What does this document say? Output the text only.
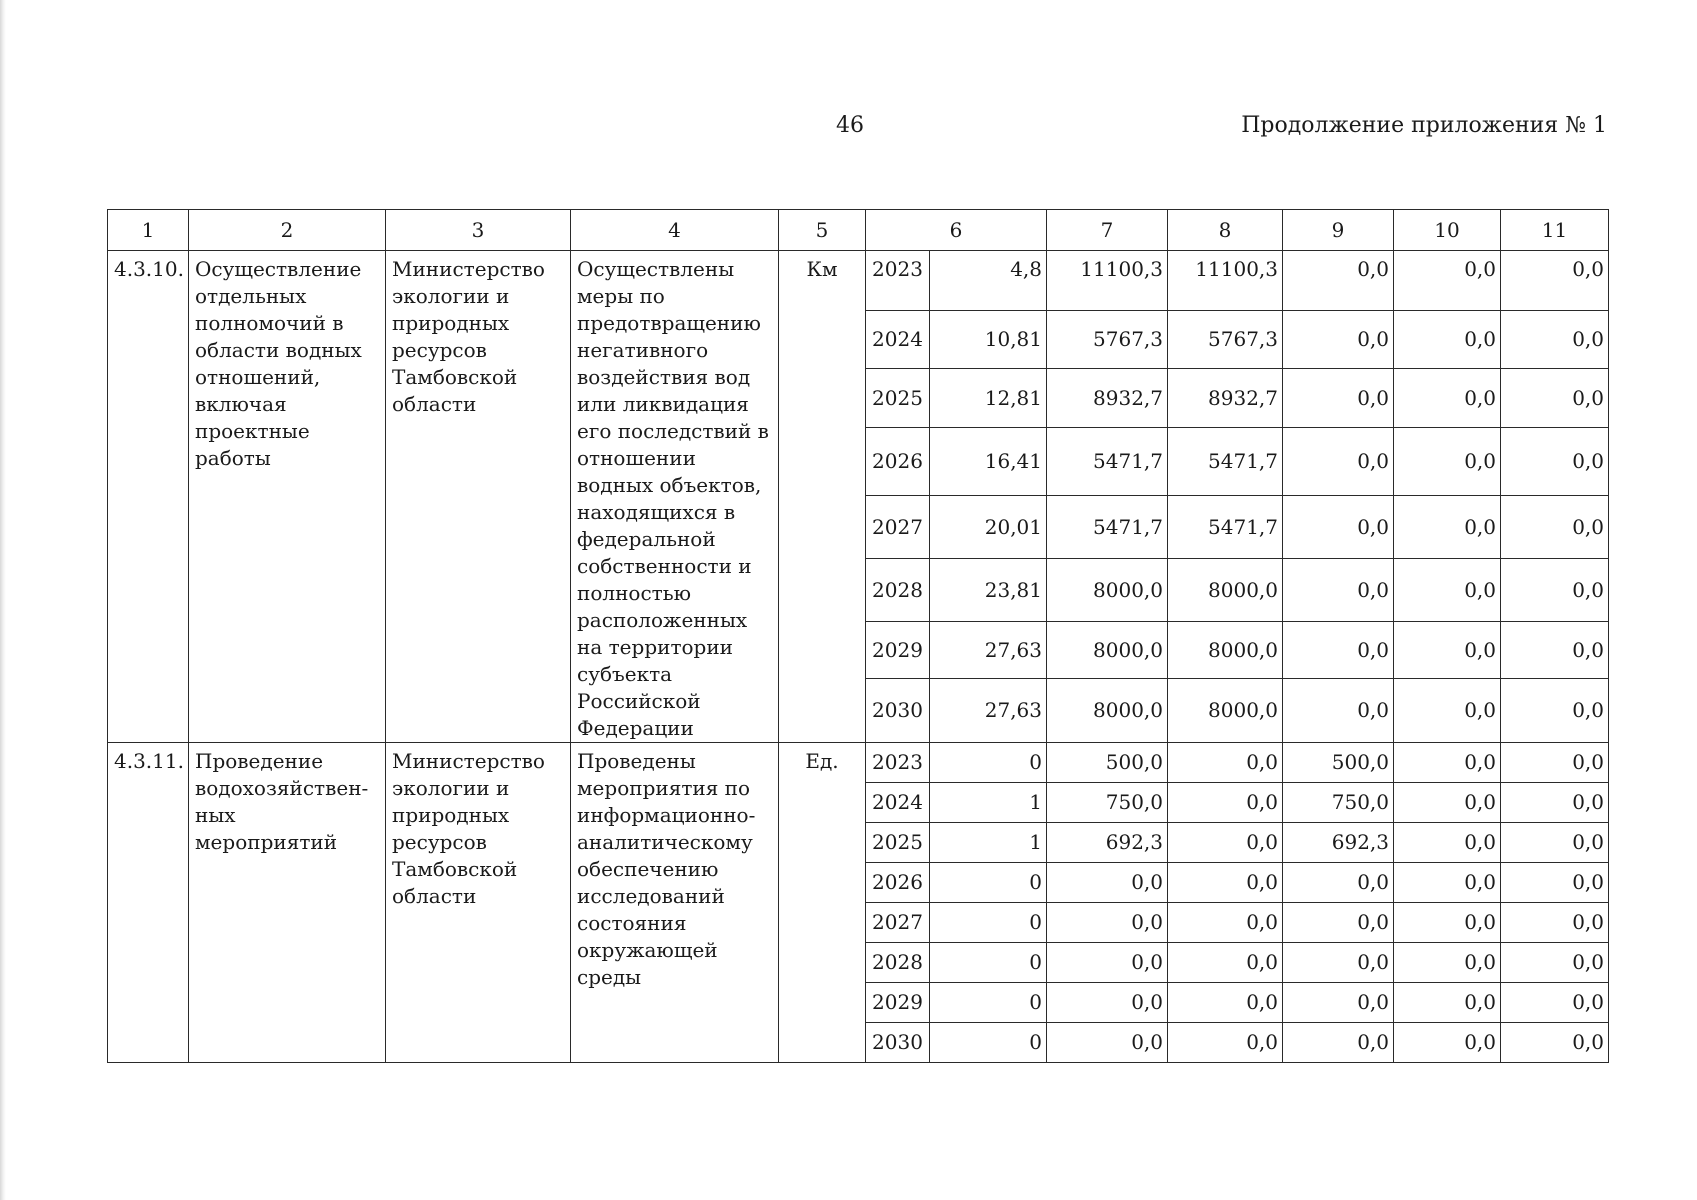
46	Продолжение приложения № 1
1	2	3	4	5	6		7	8	9	10	11
4.3.10.	Осуществление отдельных полномочий в области водных отношений, включая проектные работы	Министерство экологии и природных ресурсов Тамбовской области	Осуществлены меры по предотвращению негативного воздействия вод или ликвидация его последствий в отношении водных объектов, находящихся в федеральной собственности и полностью расположенных на территории субъекта Российской Федерации	Км	2023	4,8	11100,3	11100,3	0,0	0,0	0,0
					2024	10,81	5767,3	5767,3	0,0	0,0	0,0
					2025	12,81	8932,7	8932,7	0,0	0,0	0,0
					2026	16,41	5471,7	5471,7	0,0	0,0	0,0
					2027	20,01	5471,7	5471,7	0,0	0,0	0,0
					2028	23,81	8000,0	8000,0	0,0	0,0	0,0
					2029	27,63	8000,0	8000,0	0,0	0,0	0,0
					2030	27,63	8000,0	8000,0	0,0	0,0	0,0
4.3.11.	Проведение водохозяйствен-ных мероприятий	Министерство экологии и природных ресурсов Тамбовской области	Проведены мероприятия по информационно-аналитическому обеспечению исследований состояния окружающей среды	Ед.	2023	0	500,0	0,0	500,0	0,0	0,0
					2024	1	750,0	0,0	750,0	0,0	0,0
					2025	1	692,3	0,0	692,3	0,0	0,0
					2026	0	0,0	0,0	0,0	0,0	0,0
					2027	0	0,0	0,0	0,0	0,0	0,0
					2028	0	0,0	0,0	0,0	0,0	0,0
					2029	0	0,0	0,0	0,0	0,0	0,0
					2030	0	0,0	0,0	0,0	0,0	0,0
